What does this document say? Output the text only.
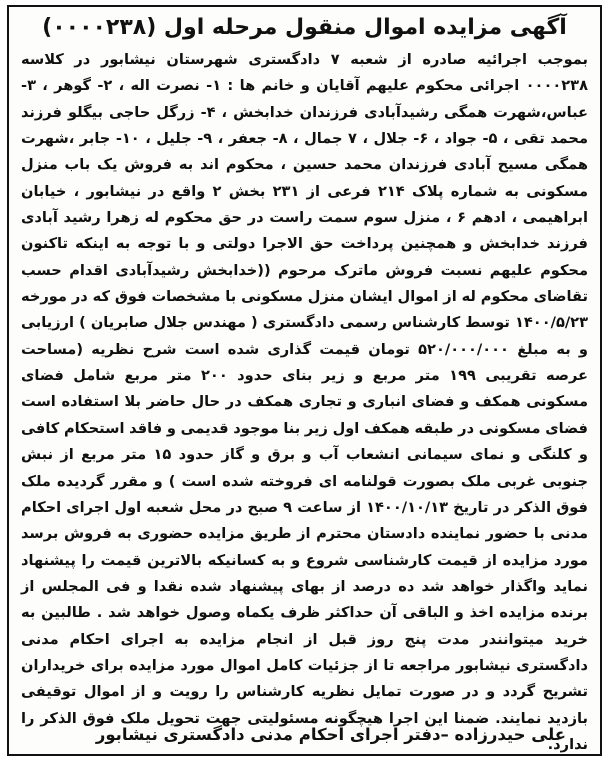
آگهی مزایده اموال منقول مرحله اول (۰۰۰۰۲۳۸)
بموجب اجرائیه صادره از شعبه ۷ دادگستری شهرستان نیشابور در کلاسه ۰۰۰۰۲۳۸ اجرائی محکوم علیهم آقایان و خانم ها : ۱- نصرت اله ، ۲- گوهر ، ۳- عباس،شهرت همگی رشیدآبادی فرزندان خدابخش ، ۴- زرگل حاجی بیگلو فرزند محمد تقی ، ۵- جواد ، ۶- جلال ، ۷ جمال ، ۸- جعفر ، ۹- جلیل ، ۱۰- جابر ،شهرت همگی مسیح آبادی فرزندان محمد حسین ، محکوم اند به فروش یک باب منزل مسکونی به شماره پلاک ۲۱۴ فرعی از ۲۳۱ بخش ۲ واقع در نیشابور ، خیابان ابراهیمی ، ادهم ۶ ، منزل سوم سمت راست در حق محکوم له زهرا رشید آبادی فرزند خدابخش و همچنین پرداخت حق الاجرا دولتی و با توجه به اینکه تاکنون محکوم علیهم نسبت فروش ماترک مرحوم ((خدابخش رشیدآبادی اقدام حسب تقاضای محکوم له از اموال ایشان منزل مسکونی با مشخصات فوق که در مورخه ۱۴۰۰/۵/۲۳ توسط کارشناس رسمی دادگستری ( مهندس جلال صابریان ) ارزیابی و به مبلغ ۵۲۰/۰۰۰/۰۰۰ تومان قیمت گذاری شده است شرح نظریه (مساحت عرصه تقریبی ۱۹۹ متر مربع و زیر بنای حدود ۲۰۰ متر مربع شامل فضای مسکونی همکف و فضای انباری و تجاری همکف در حال حاضر بلا استفاده است فضای مسکونی در طبقه همکف اول زیر بنا موجود قدیمی و فاقد استحکام کافی و کلنگی و نمای سیمانی انشعاب آب و برق و گاز حدود ۱۵ متر مربع از نبش جنوبی غربی ملک بصورت قولنامه ای فروخته شده است ) و مقرر گردیده ملک فوق الذکر در تاریخ ۱۴۰۰/۱۰/۱۳ از ساعت ۹ صبح در محل شعبه اول اجرای احکام مدنی با حضور نماینده دادستان محترم از طریق مزایده حضوری به فروش برسد مورد مزایده از قیمت کارشناسی شروع و به کسانیکه بالاترین قیمت را پیشنهاد نماید واگذار خواهد شد ده درصد از بهای پیشنهاد شده نقدا و فی المجلس از برنده مزایده اخذ و الباقی آن حداکثر ظرف یکماه وصول خواهد شد . طالبین به خرید میتوانندر مدت پنج روز قبل از انجام مزایده به اجرای احکام مدنی دادگستری نیشابور مراجعه تا از جزئیات کامل اموال مورد مزایده برای خریداران تشریح گردد و در صورت تمایل نظریه کارشناس را رویت و از اموال توقیفی بازدید نمایند. ضمنا این اجرا هیچگونه مسئولیتی جهت تحویل ملک فوق الذکر را ندارد.
علی حیدرزاده –دفتر اجرای احکام مدنی دادگستری نیشابور
